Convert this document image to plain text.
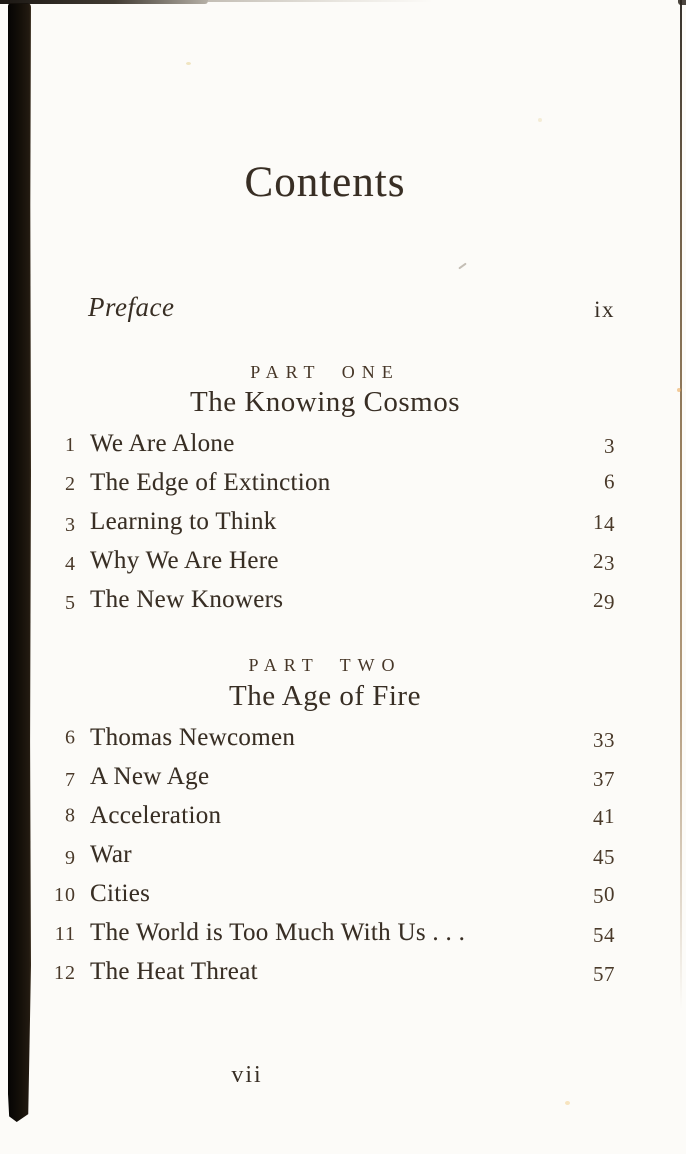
Contents
Preface	ix
PART ONE
The Knowing Cosmos
1 We Are Alone	3
2 The Edge of Extinction	6
3 Learning to Think	14
4 Why We Are Here	23
5 The New Knowers	29
PART TWO
The Age of Fire
6 Thomas Newcomen	33
7 A New Age	37
8 Acceleration	41
9 War	45
10 Cities	50
11 The World is Too Much With Us . . .	54
12 The Heat Threat	57
vii
